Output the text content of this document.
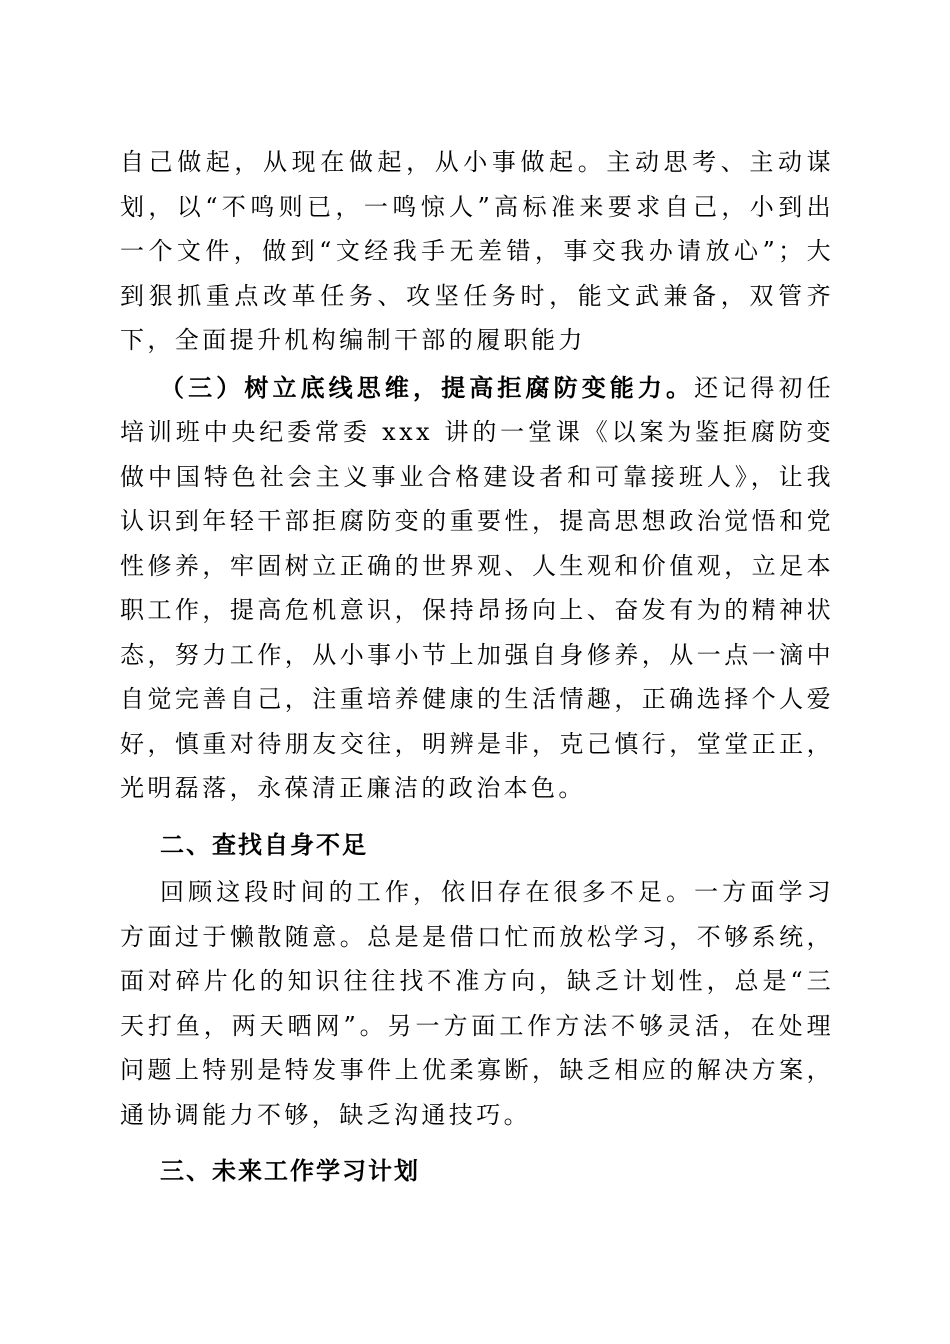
自己做起，从现在做起，从小事做起。主动思考、主动谋划，以“不鸣则已，一鸣惊人”高标准来要求自己，小到出一个文件，做到“文经我手无差错，事交我办请放心”；大到狠抓重点改革任务、攻坚任务时，能文武兼备，双管齐下，全面提升机构编制干部的履职能力

（三）树立底线思维，提高拒腐防变能力。还记得初任培训班中央纪委常委 xxx 讲的一堂课《以案为鉴拒腐防变做中国特色社会主义事业合格建设者和可靠接班人》，让我认识到年轻干部拒腐防变的重要性，提高思想政治觉悟和党性修养，牢固树立正确的世界观、人生观和价值观，立足本职工作，提高危机意识，保持昂扬向上、奋发有为的精神状态，努力工作，从小事小节上加强自身修养，从一点一滴中自觉完善自己，注重培养健康的生活情趣，正确选择个人爱好，慎重对待朋友交往，明辨是非，克己慎行，堂堂正正，光明磊落，永葆清正廉洁的政治本色。

二、查找自身不足

回顾这段时间的工作，依旧存在很多不足。一方面学习方面过于懒散随意。总是是借口忙而放松学习，不够系统，面对碎片化的知识往往找不准方向，缺乏计划性，总是“三天打鱼，两天晒网”。另一方面工作方法不够灵活，在处理问题上特别是特发事件上优柔寡断，缺乏相应的解决方案，通协调能力不够，缺乏沟通技巧。

三、未来工作学习计划
